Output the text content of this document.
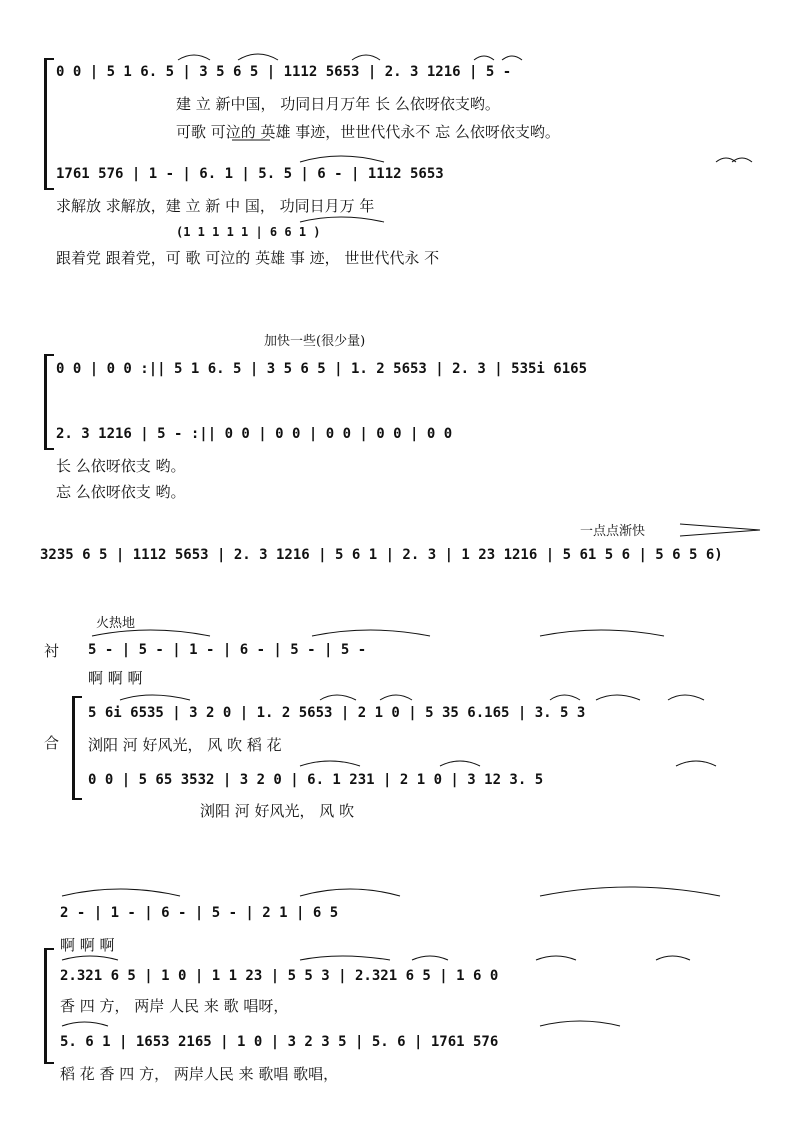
0 0 | 5 1 6. 5 | 3 5 6 5 | 1112 5653 | 2. 3 1216 | 5 -
建 立 新中国， 功同日月万年 长 么依呀依支哟。
可歌 可泣的 英雄 事迹，世世代代永不 忘 么依呀依支哟。
1761 576 | 1 - | 6. 1 | 5. 5 | 6 - | 1112 5653
求解放 求解放，建 立 新 中 国， 功同日月万 年
(1 1 1 1 1 | 6 6 1 )
跟着党 跟着党，可 歌 可泣的 英雄 事 迹， 世世代代永 不
加快一些(很少量)
0 0 | 0 0 :|| 5 1 6. 5 | 3 5 6 5 | 1. 2 5653 | 2. 3 | 535i 6165
2. 3 1216 | 5 - :|| 0 0 | 0 0 | 0 0 | 0 0 | 0 0
长 么依呀依支 哟。
忘 么依呀依支 哟。
一点点渐快
3235 6 5 | 1112 5653 | 2. 3 1216 | 5 6 1 | 2. 3 | 1 23 1216 | 5 61 5 6 | 5 6 5 6)
火热地
衬
合
5 - | 5 - | 1 - | 6 - | 5 - | 5 -
啊 啊 啊
5 6i 6535 | 3 2 0 | 1. 2 5653 | 2 1 0 | 5 35 6.165 | 3. 5 3
浏阳 河 好风光， 风 吹 稻 花
0 0 | 5 65 3532 | 3 2 0 | 6. 1 231 | 2 1 0 | 3 12 3. 5
浏阳 河 好风光， 风 吹
2 - | 1 - | 6 - | 5 - | 2 1 | 6 5
啊 啊 啊
2.321 6 5 | 1 0 | 1 1 23 | 5 5 3 | 2.321 6 5 | 1 6 0
香 四 方， 两岸 人民 来 歌 唱呀，
5. 6 1 | 1653 2165 | 1 0 | 3 2 3 5 | 5. 6 | 1761 576
稻 花 香 四 方， 两岸人民 来 歌唱 歌唱，
